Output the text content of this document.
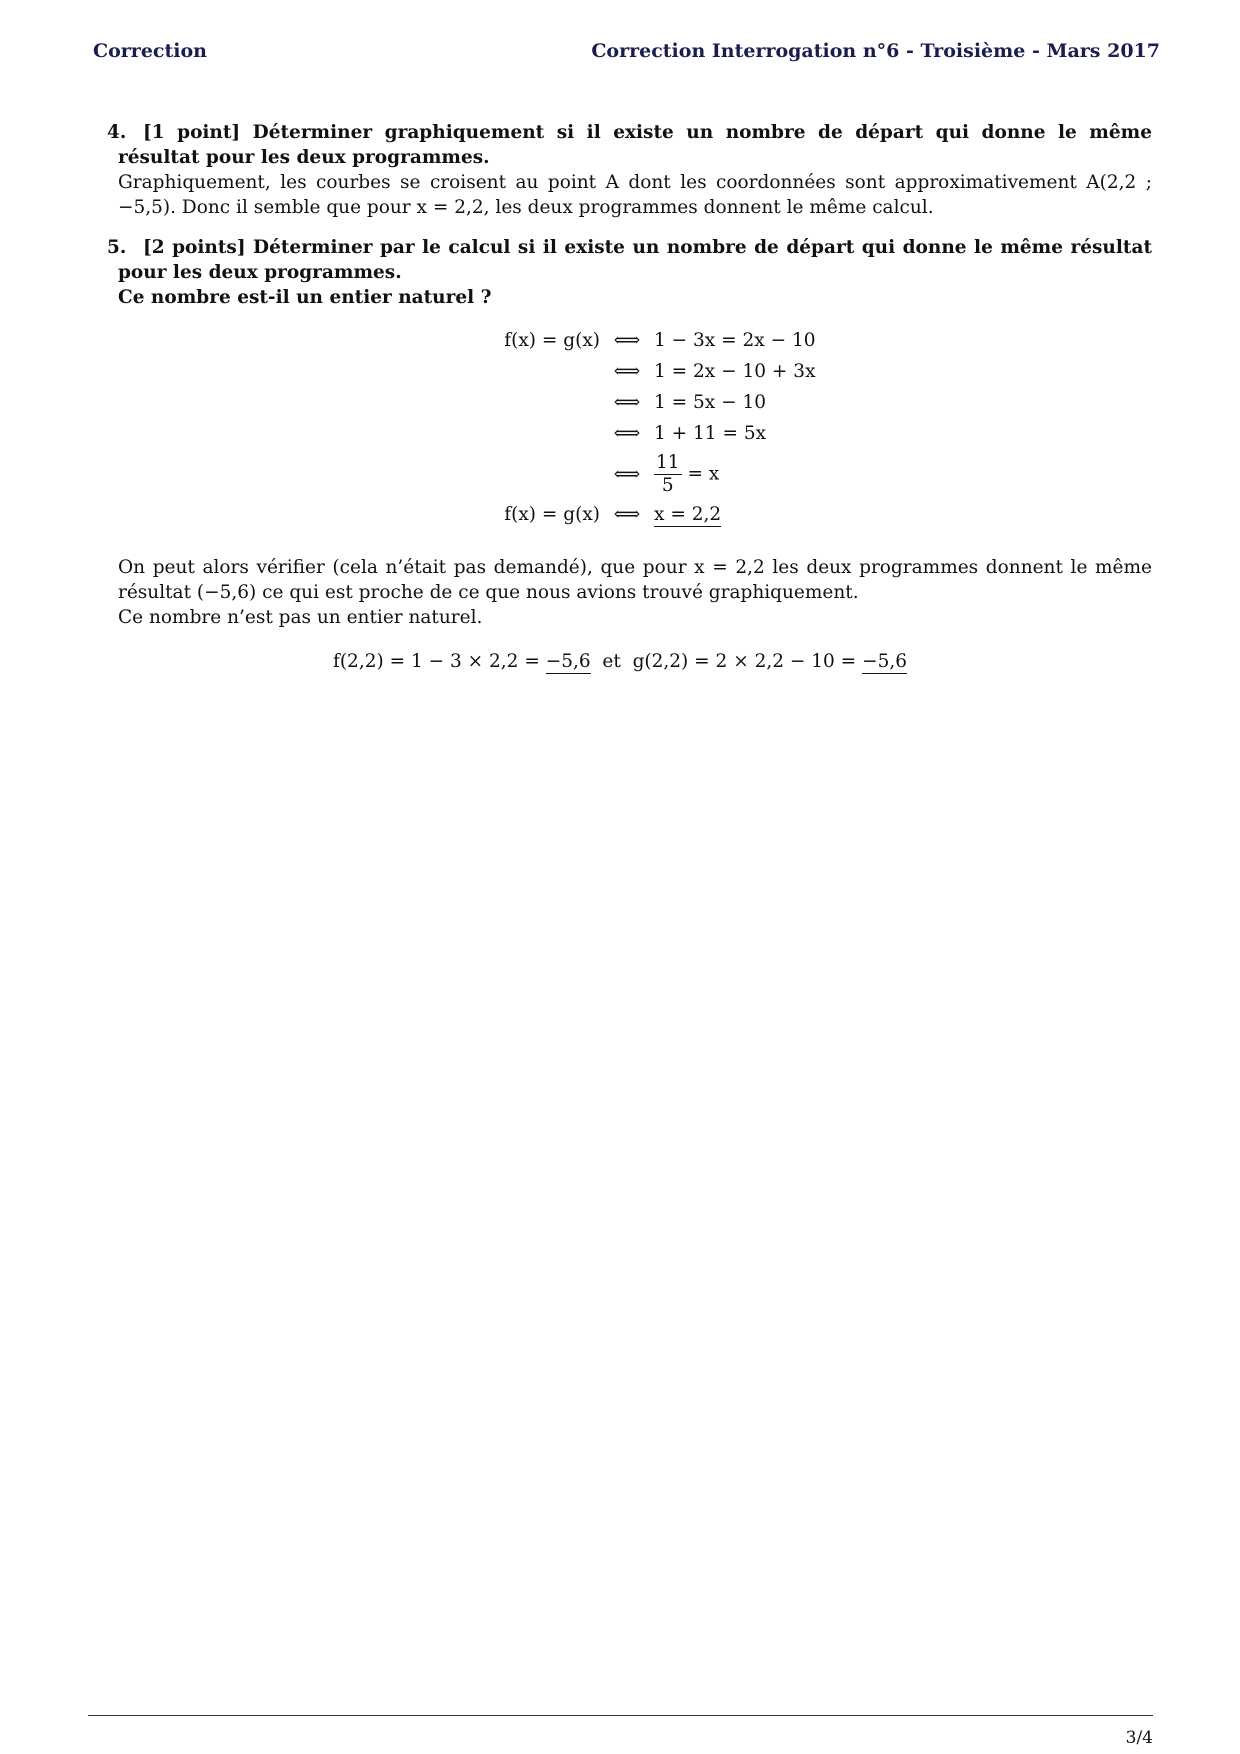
Correction	Correction Interrogation n°6 - Troisième - Mars 2017
4. [1 point] Déterminer graphiquement si il existe un nombre de départ qui donne le même résultat pour les deux programmes.
Graphiquement, les courbes se croisent au point A dont les coordonnées sont approximativement A(2,2 ; −5,5). Donc il semble que pour x = 2,2, les deux programmes donnent le même calcul.
5. [2 points] Déterminer par le calcul si il existe un nombre de départ qui donne le même résultat pour les deux programmes.
Ce nombre est-il un entier naturel ?
f(x) = g(x) ⟺ 1 − 3x = 2x − 10
⟺ 1 = 2x − 10 + 3x
⟺ 1 = 5x − 10
⟺ 1 + 11 = 5x
⟺ $\frac{11}{5} = x$
f(x) = g(x) ⟺ x = 2,2
On peut alors vérifier (cela n’était pas demandé), que pour x = 2,2 les deux programmes donnent le même résultat (−5,6) ce qui est proche de ce que nous avions trouvé graphiquement.
Ce nombre n’est pas un entier naturel.
f(2,2) = 1 − 3 × 2,2 = −5,6 et g(2,2) = 2 × 2,2 − 10 = −5,6
3/4
